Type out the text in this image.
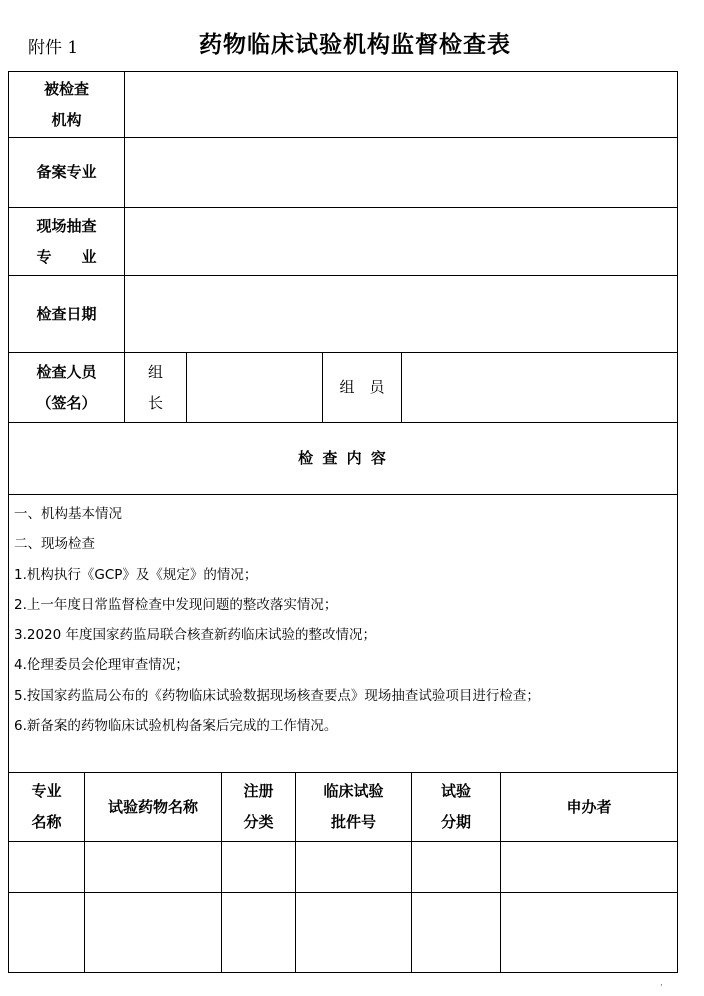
附件 1	药物临床试验机构监督检查表
被检查
机构
备案专业
现场抽查
专　　业
检查日期
检查人员
（签名）
组
长
组　员
检 查 内 容
一、机构基本情况
二、现场检查
1.机构执行《GCP》及《规定》的情况；
2.上一年度日常监督检查中发现问题的整改落实情况；
3.2020 年度国家药监局联合核查新药临床试验的整改情况；
4.伦理委员会伦理审查情况；
5.按国家药监局公布的《药物临床试验数据现场核查要点》现场抽查试验项目进行检查；
6.新备案的药物临床试验机构备案后完成的工作情况。
专业
名称
试验药物名称
注册
分类
临床试验
批件号
试验
分期
申办者
·
